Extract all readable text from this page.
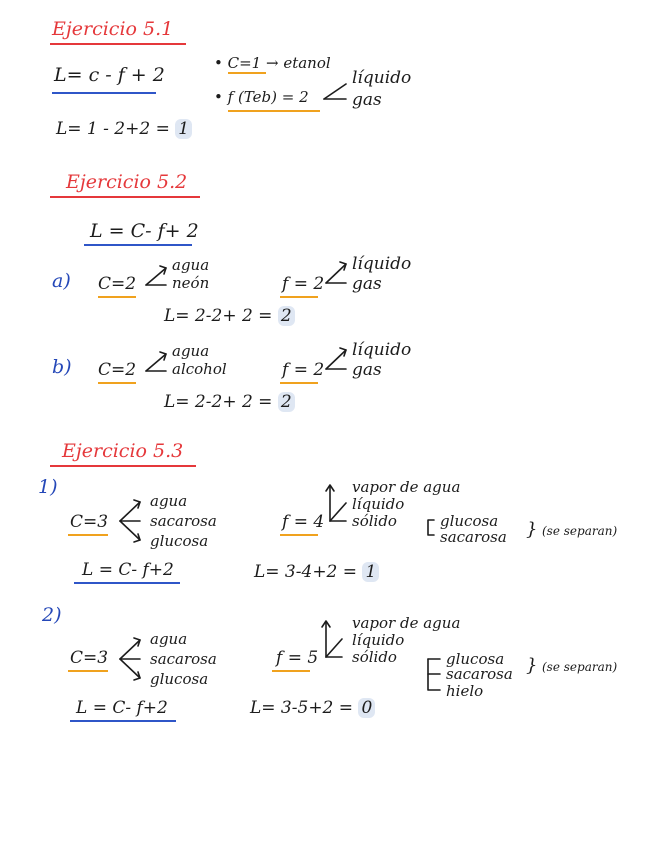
Ejercicio 5.1
L= c - f + 2
• C=1 → etanol
• f (Teb) = 2
líquido
gas
L= 1 - 2+2 = 1
Ejercicio 5.2
L = C- f+ 2
a) C=2
agua
neón	f = 2
líquido
gas
L= 2-2+ 2 = 2
b) C=2
agua
alcohol	f = 2
líquido
gas
L= 2-2+ 2 = 2
Ejercicio 5.3
1)
C=3
agua
sacarosa
glucosa
f = 4
vapor de agua
líquido
sólido	glucosa
sacarosa } (se separan)
L = C- f+2	L= 3-4+2 = 1
2)
C=3
agua
sacarosa
glucosa
f = 5
vapor de agua
líquido
sólido	glucosa
sacarosa
hielo
} (se separan)
L = C- f+2	L= 3-5+2 = 0
